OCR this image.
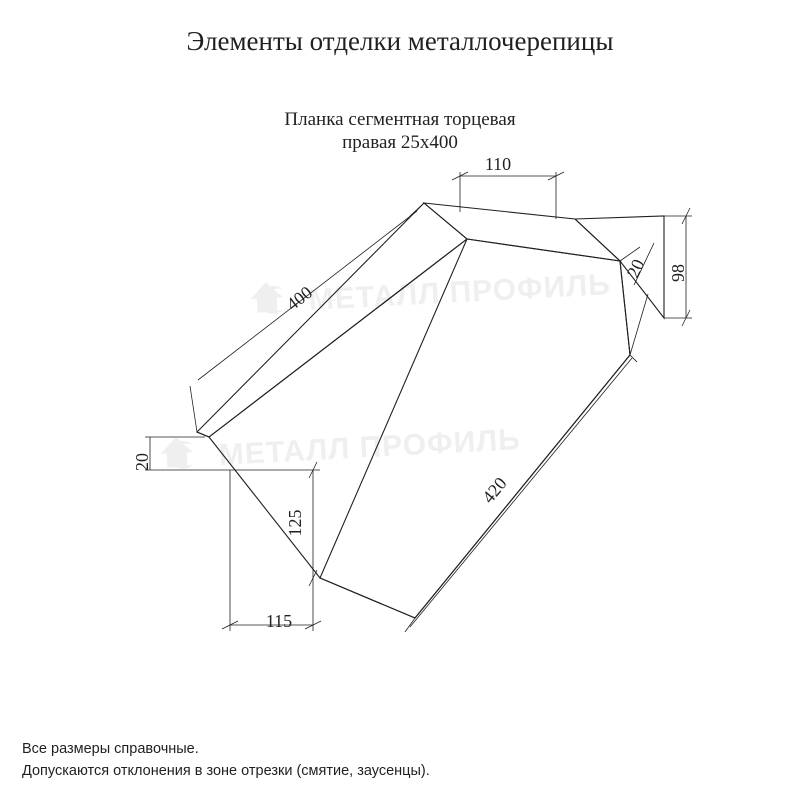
Элементы отделки металлочерепицы
Планка сегментная торцевая
правая 25х400
МЕТАЛЛ ПРОФИЛЬ
МЕТАЛЛ ПРОФИЛЬ
110
98
20
400
20
125
420
115
Все размеры справочные.
Допускаются отклонения в зоне отрезки (смятие, заусенцы).
